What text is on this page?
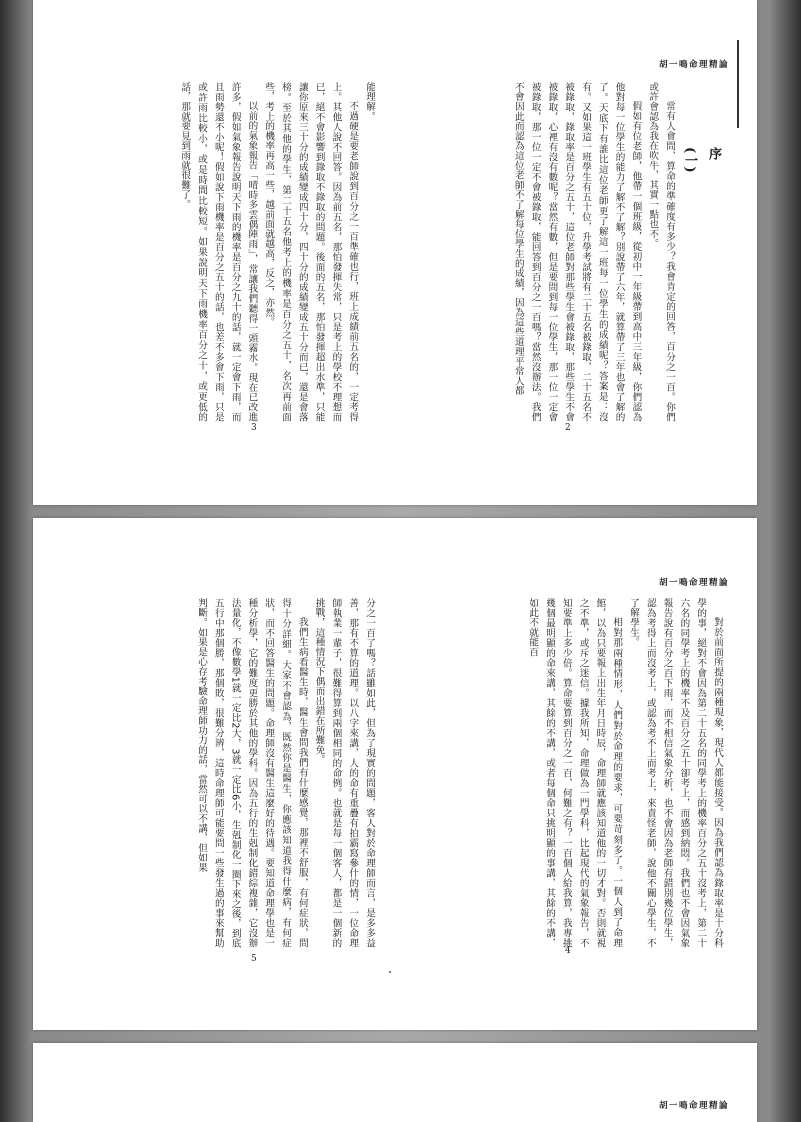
胡一鳴命理精論

序
(一)

常有人會問，算命的準確度有多少？我會肯定的回答，百分之一百。你們或許會認為我在吹牛，其實一點也不。

假如有位老師，他帶一個班級，從初中一年級帶到高中三年級，你們認為他對每一位學生的能力了解不了解？別說帶了六年，就算帶了三年也會了解的了。天底下有誰比這位老師更了解這一班每一位學生的成績呢？答案是：沒有。又如果這一班學生有五十位，升學考試將有二十五名被錄取，二十五名不被錄取，錄取率是百分之五十，這位老師對那些學生會被錄取，那些學生不會被錄取，心裡有沒有數呢？當然有數，但是要問到每一位學生，那一位一定會被錄取，那一位一定不會被錄取，能回答到百分之一百嗎？當然沒辦法。我們不會因此而認為這位老師不了解每位學生的成績，因為這些道理平常人都

2

能理解。

不過硬是要老師說到百分之一百準確也行，班上成績前五名的，一定考得上。其他人說不回答。因為前五名，那怕發揮失常，只是考上的學校不理想而已，絕不會影響到錄取不錄取的問題。後面的五名，那怕發揮超出水準，只能讓你原來三十分的成績變成四十分，四十分的成績變成五十分而已，還是會落榜。至於其他的學生，第二十五名他考上的機率是百分之五十，名次再前面些，考上的機率再高一些，越前面就越高，反之，亦然。

以前的氣象報告「晴時多雲偶陣雨」，常讓我們聽得一頭霧水。現在已改進許多，假如氣象報告說明天下雨的機率是百分之九十的話，就一定會下雨，而且雨勢還不小呢！假如說下雨機率是百分之五十的話，也差不多會下雨，只是或許雨比較小，或是時間比較短。如果說明天下雨機率百分之十，或更低的話，那就要見到雨就很難了。

3
胡一鳴命理精論

對於前面所提的兩種現象，現代人都能接受。因為我們認為錄取率是十分科學的事，絕對不會因為第二十五名的同學考上的機率百分之五十沒考上，第二十六名的同學考上的機率不及百分之五十卻考上，而感到納悶。我們也不會因氣象報告說有百分之百下雨，而不相信氣象分析，也不會因為老師有錯別幾位學生，認為考得上而沒考上，或認為考不上而考上，來責怪老師，說他不關心學生，不了解學生。

相對那兩種情形，人們對於命理的要求，可要苛刻多了。一個人到了命理館，以為只要報上出生年月日時辰，命理師就應該知道他的一切才對。否則就視之不準，或斥之迷信。據我所知，命理做為一門學科，比起現代的氣象報告，不知要準上多少倍。算命要算到百分之一百，何難之有？一百個人給我算，我專挑幾個最明顯的命來講，其餘的不講，或者每個命只挑明顯的事講，其餘的不講，如此不就能百

4

分之一百了嗎？話雖如此，但為了現實的問題，客人對於命理師而言，是多多益善，那有不算的道理。以八字來講，人的命有重疊有拍霸寫參什的情，一位命理師執業一輩子，很難得算到兩個相同的命例。也就是每一個客人，都是一個新的挑戰，這種情況下偶而出錯在所難免。

我們生病看醫生時，醫生會問我們有什麼感覺，那裡不舒服，有何症狀，問得十分詳細。大家不會認為，既然你是醫生，你應該知道我得什麼病，有何症狀，而不回答醫生的問題。命理師沒有醫生這麼好的待遇。要知道命理學也是一種分析學，它的難度更勝於其他的學科。因為五行的生剋制化錯綜複雜，它沒辦法量化，不像數學1就一定比2大，3就一定比6小，生剋制化一圈下來之後，到底五行中那個勝，那個敗，很難分辨，這時命理師可能要問一些發生過的事來幫助判斷。如果是心存考驗命理師功力的話，當然可以不講，但如果

5
胡一鳴命理精論
